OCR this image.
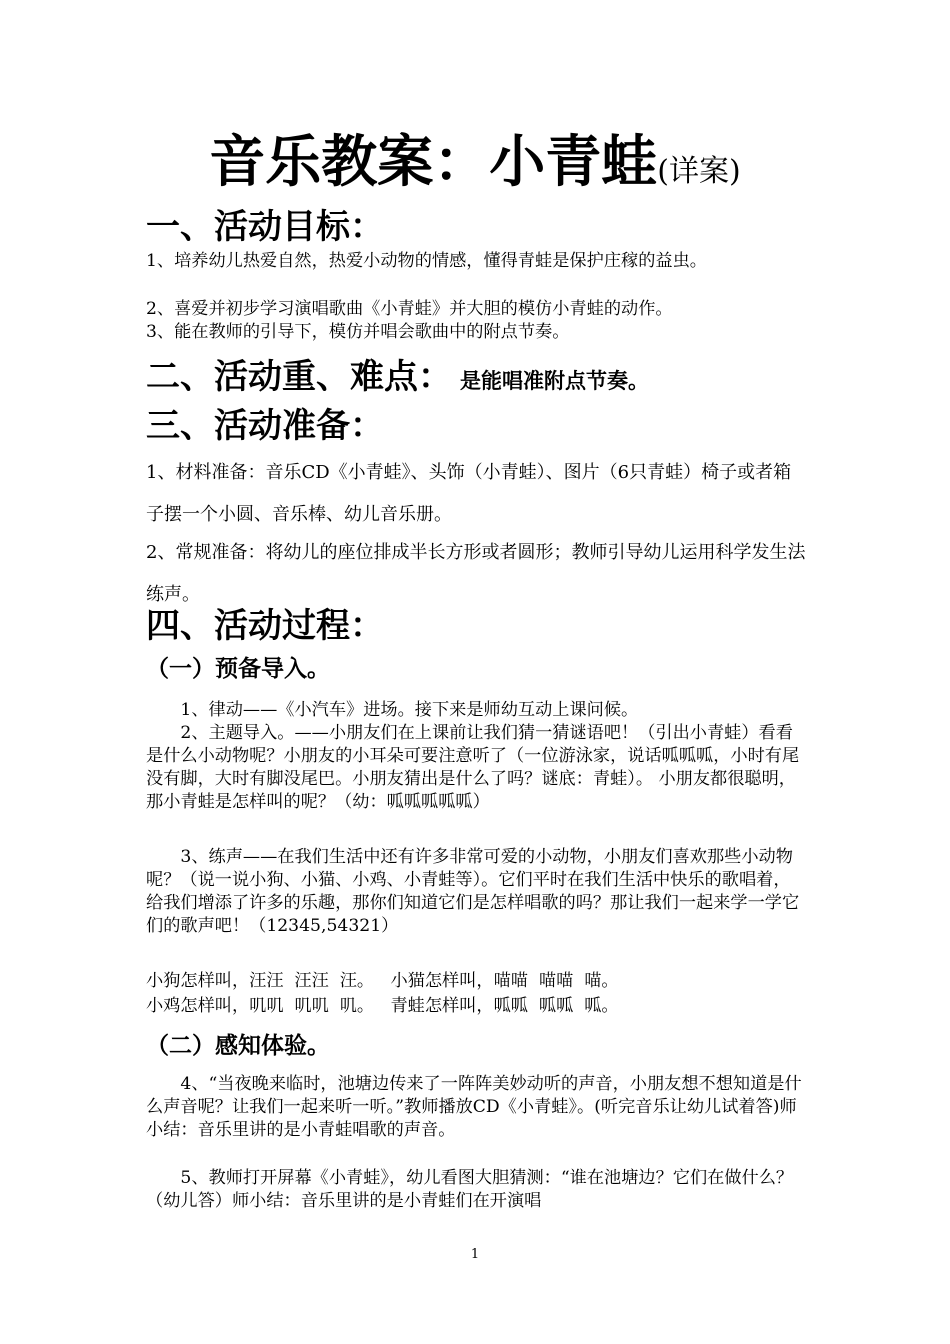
音乐教案：小青蛙(详案)
一、活动目标：
1、培养幼儿热爱自然，热爱小动物的情感，懂得青蛙是保护庄稼的益虫。
2、喜爱并初步学习演唱歌曲《小青蛙》并大胆的模仿小青蛙的动作。
3、能在教师的引导下，模仿并唱会歌曲中的附点节奏。
二、活动重、难点： 是能唱准附点节奏。
三、活动准备：
1、材料准备：音乐CD《小青蛙》、头饰（小青蛙）、图片（6只青蛙）椅子或者箱子摆一个小圆、音乐棒、幼儿音乐册。
2、常规准备：将幼儿的座位排成半长方形或者圆形；教师引导幼儿运用科学发生法练声。
四、活动过程：
（一）预备导入。
1、律动——《小汽车》进场。接下来是师幼互动上课问候。
2、主题导入。——小朋友们在上课前让我们猜一猜谜语吧！（引出小青蛙）看看是什么小动物呢？小朋友的小耳朵可要注意听了（一位游泳家，说话呱呱呱，小时有尾没有脚，大时有脚没尾巴。小朋友猜出是什么了吗？谜底：青蛙）。 小朋友都很聪明，那小青蛙是怎样叫的呢？（幼：呱呱呱呱呱）
3、练声——在我们生活中还有许多非常可爱的小动物，小朋友们喜欢那些小动物呢？（说一说小狗、小猫、小鸡、小青蛙等）。它们平时在我们生活中快乐的歌唱着，给我们增添了许多的乐趣，那你们知道它们是怎样唱歌的吗？那让我们一起来学一学它们的歌声吧！（12345,54321）
小狗怎样叫，汪汪  汪汪  汪。   小猫怎样叫，喵喵  喵喵  喵。
小鸡怎样叫，叽叽  叽叽  叽。   青蛙怎样叫，呱呱  呱呱  呱。
（二）感知体验。
4、“当夜晚来临时，池塘边传来了一阵阵美妙动听的声音，小朋友想不想知道是什么声音呢？让我们一起来听一听。”教师播放CD《小青蛙》。(听完音乐让幼儿试着答)师小结：音乐里讲的是小青蛙唱歌的声音。
5、教师打开屏幕《小青蛙》，幼儿看图大胆猜测：“谁在池塘边？它们在做什么？（幼儿答）师小结：音乐里讲的是小青蛙们在开演唱
1
